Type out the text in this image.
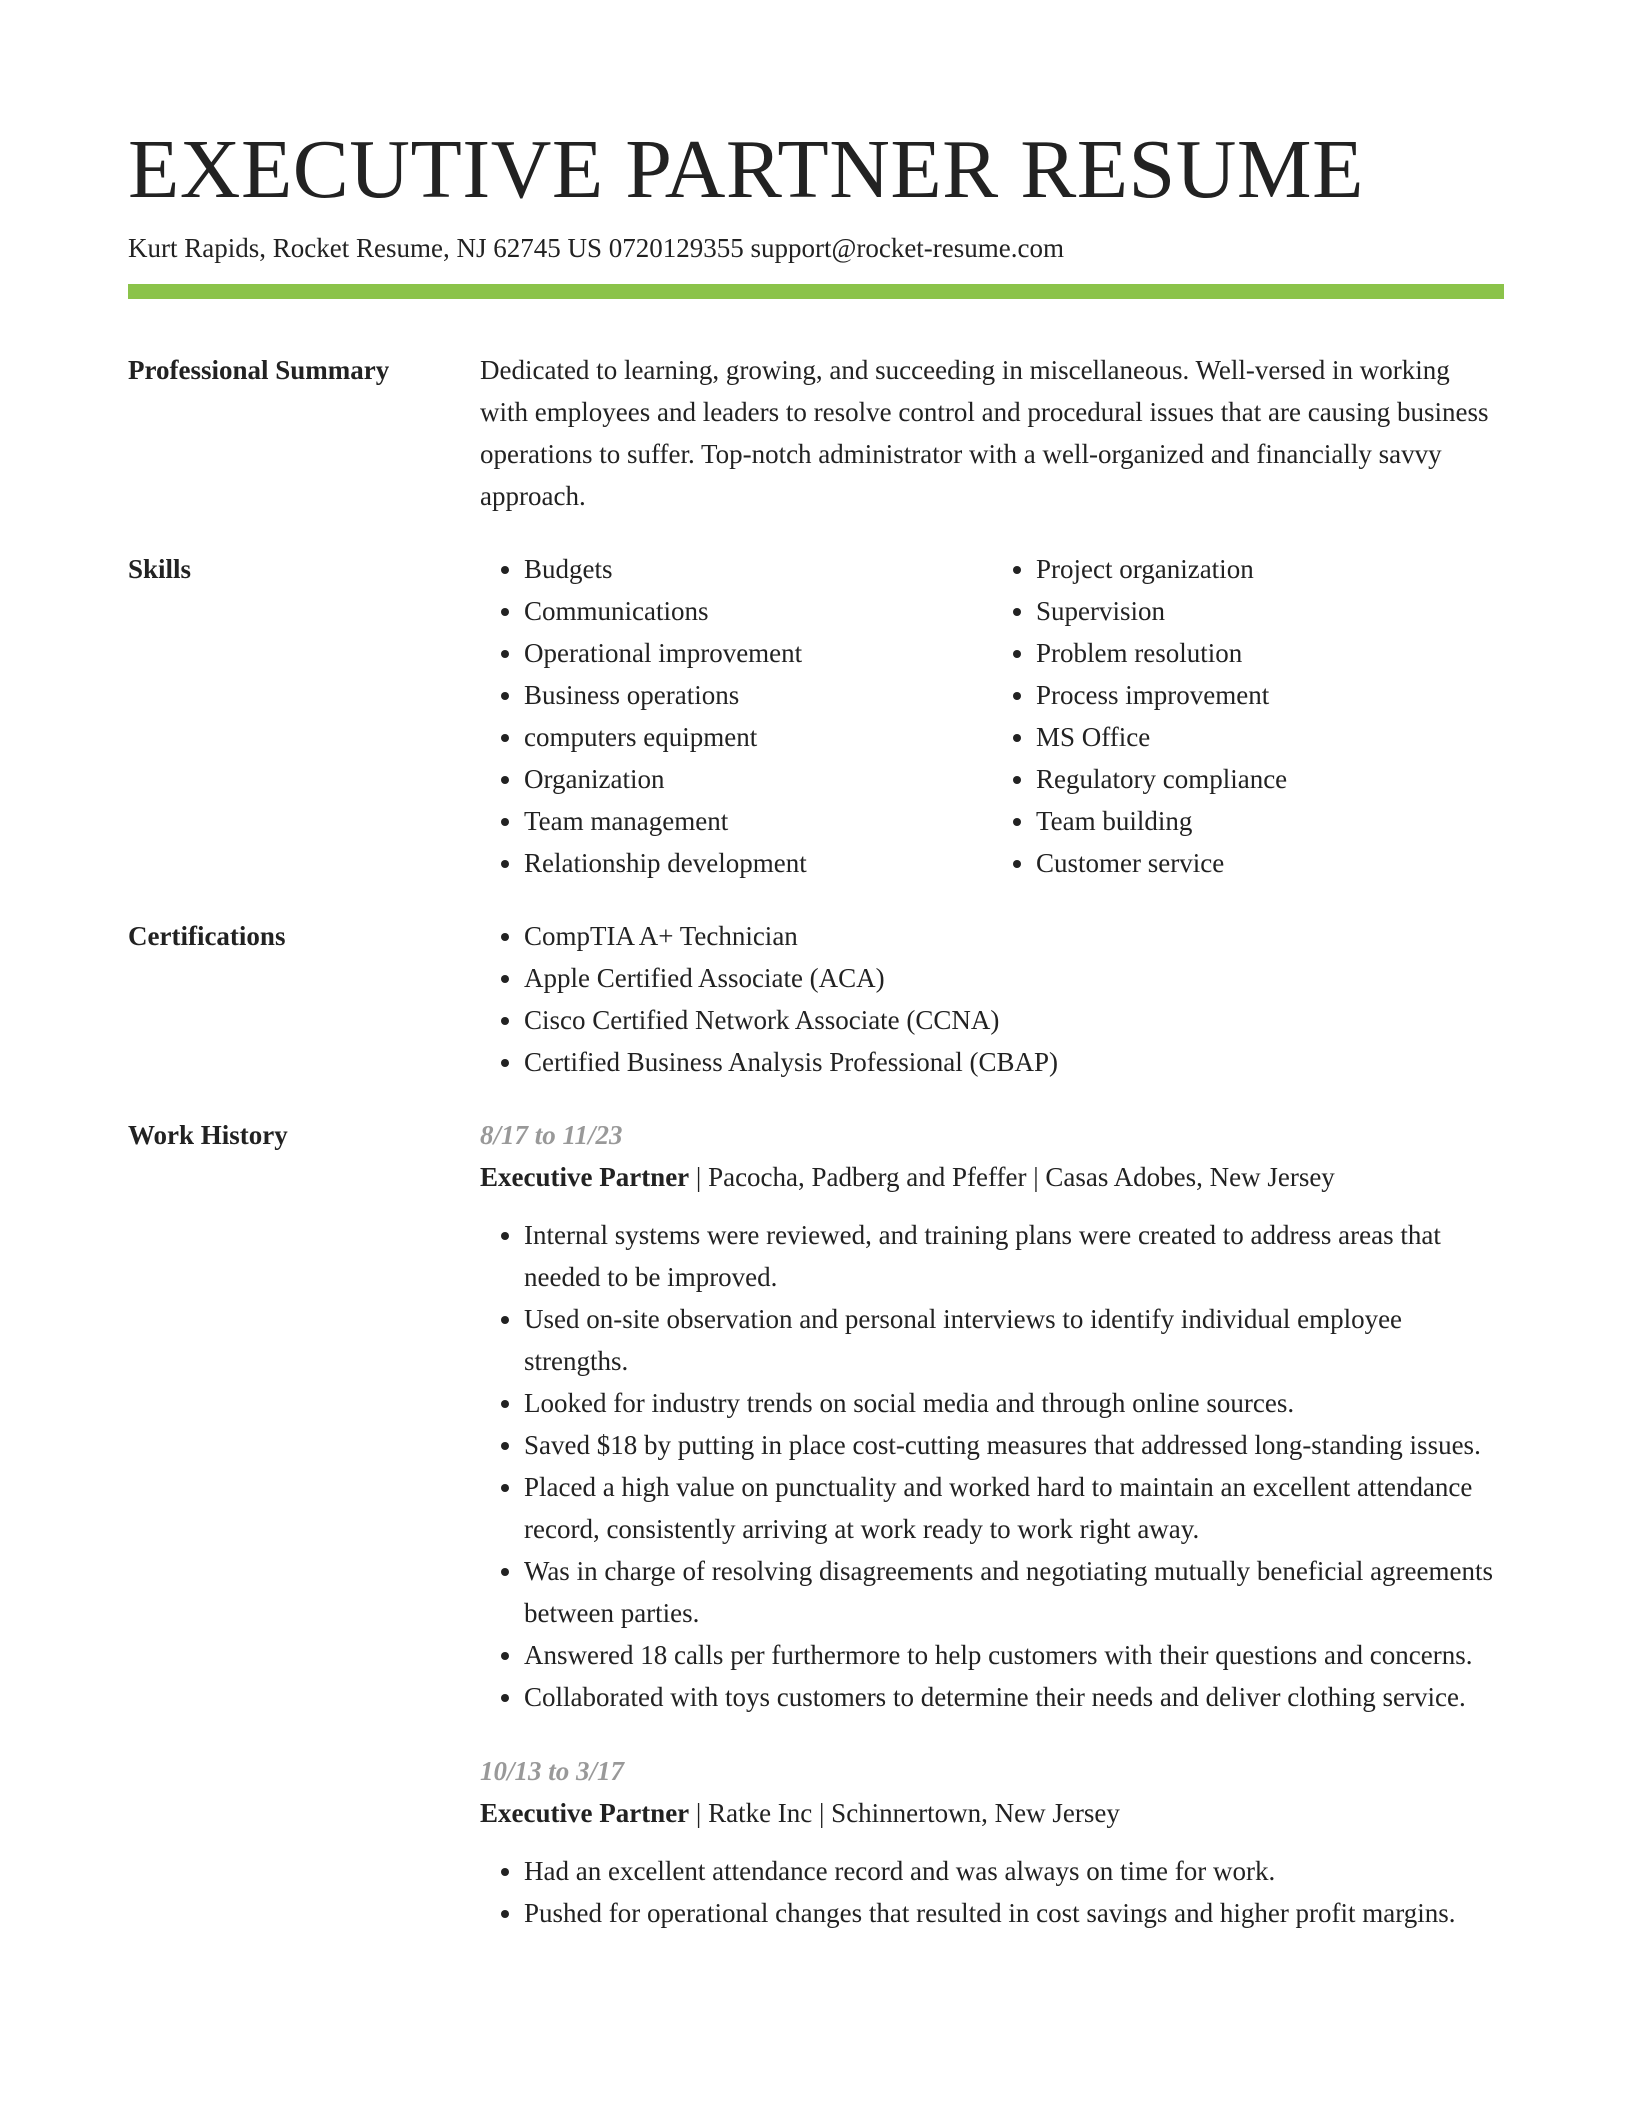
EXECUTIVE PARTNER RESUME
Kurt Rapids, Rocket Resume, NJ 62745 US 0720129355 support@rocket-resume.com
Professional Summary	Dedicated to learning, growing, and succeeding in miscellaneous. Well-versed in working with employees and leaders to resolve control and procedural issues that are causing business operations to suffer. Top-notch administrator with a well-organized and financially savvy approach.

Skills	• Budgets
• Communications
• Operational improvement
• Business operations
• computers equipment
• Organization
• Team management
• Relationship development
• Project organization
• Supervision
• Problem resolution
• Process improvement
• MS Office
• Regulatory compliance
• Team building
• Customer service
Certifications	• CompTIA A+ Technician
• Apple Certified Associate (ACA)
• Cisco Certified Network Associate (CCNA)
• Certified Business Analysis Professional (CBAP)
Work History	8/17 to 11/23
Executive Partner | Pacocha, Padberg and Pfeffer | Casas Adobes, New Jersey
• Internal systems were reviewed, and training plans were created to address areas that needed to be improved.
• Used on-site observation and personal interviews to identify individual employee strengths.
• Looked for industry trends on social media and through online sources.
• Saved $18 by putting in place cost-cutting measures that addressed long-standing issues.
• Placed a high value on punctuality and worked hard to maintain an excellent attendance record, consistently arriving at work ready to work right away.
• Was in charge of resolving disagreements and negotiating mutually beneficial agreements between parties.
• Answered 18 calls per furthermore to help customers with their questions and concerns.
• Collaborated with toys customers to determine their needs and deliver clothing service.
10/13 to 3/17
Executive Partner | Ratke Inc | Schinnertown, New Jersey
• Had an excellent attendance record and was always on time for work.
• Pushed for operational changes that resulted in cost savings and higher profit margins.
